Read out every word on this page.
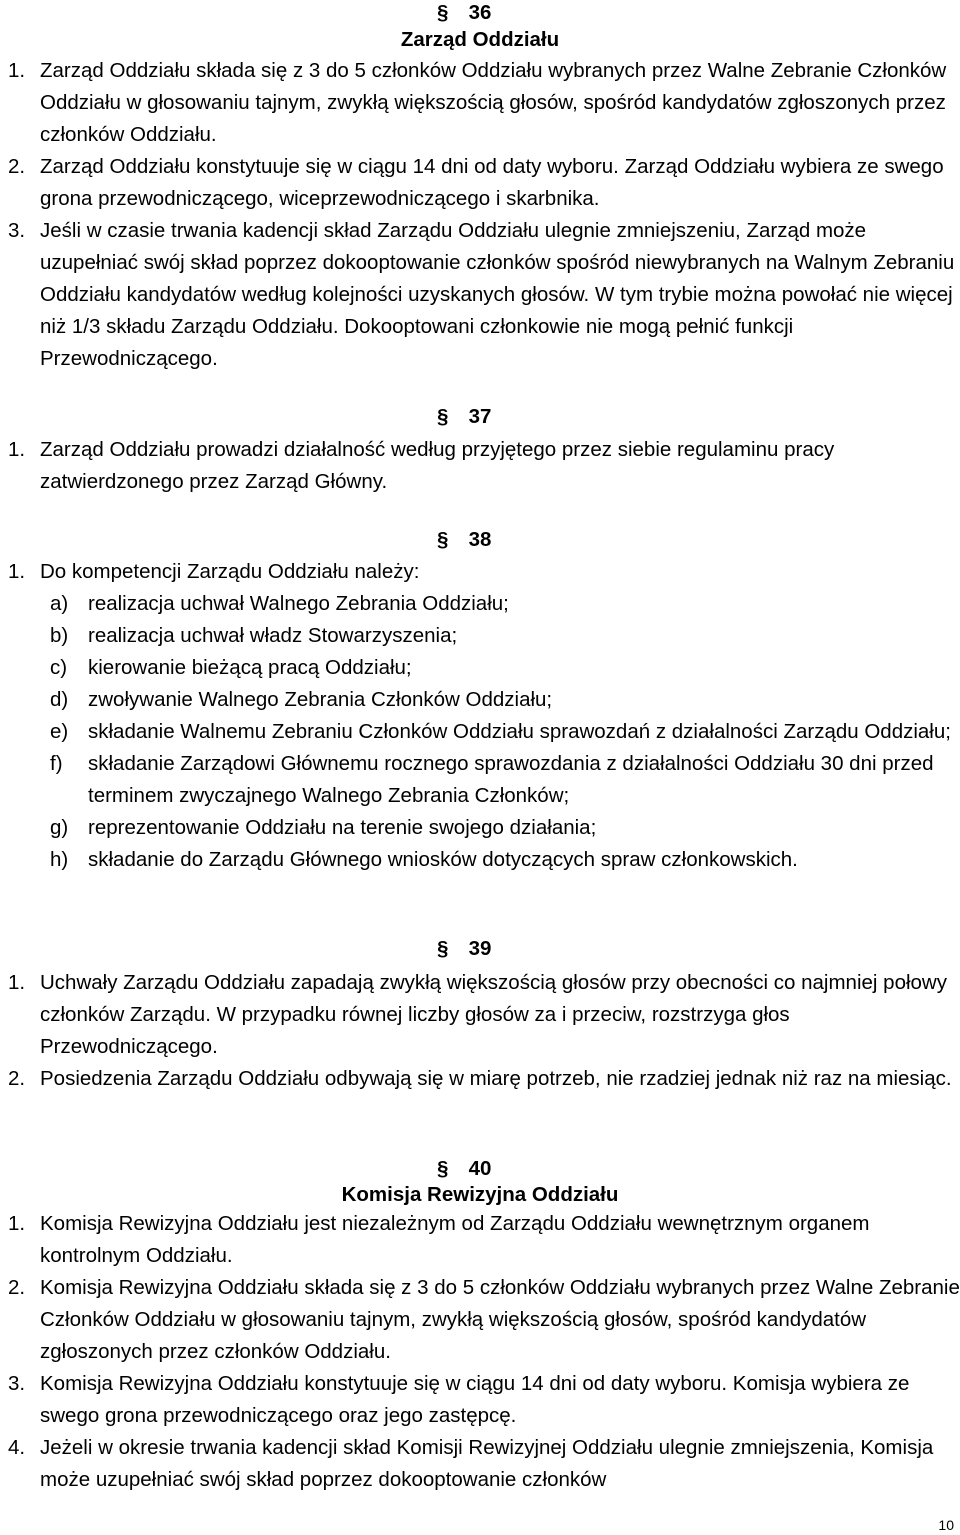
§ 36
Zarząd Oddziału
1. Zarząd Oddziału składa się z 3 do 5 członków Oddziału wybranych przez Walne Zebranie Członków Oddziału w głosowaniu tajnym, zwykłą większością głosów, spośród kandydatów zgłoszonych przez członków Oddziału.
2. Zarząd Oddziału konstytuuje się w ciągu 14 dni od daty wyboru. Zarząd Oddziału wybiera ze swego grona przewodniczącego, wiceprzewodniczącego i skarbnika.
3. Jeśli w czasie trwania kadencji skład Zarządu Oddziału ulegnie zmniejszeniu, Zarząd może uzupełniać swój skład poprzez dokooptowanie członków spośród niewybranych na Walnym Zebraniu Oddziału kandydatów według kolejności uzyskanych głosów. W tym trybie można powołać nie więcej niż 1/3 składu Zarządu Oddziału. Dokooptowani członkowie nie mogą pełnić funkcji Przewodniczącego.
§ 37
1. Zarząd Oddziału prowadzi działalność według przyjętego przez siebie regulaminu pracy zatwierdzonego przez Zarząd Główny.
§ 38
1. Do kompetencji Zarządu Oddziału należy:
a) realizacja uchwał Walnego Zebrania Oddziału;
b) realizacja uchwał władz Stowarzyszenia;
c) kierowanie bieżącą pracą Oddziału;
d) zwoływanie Walnego Zebrania Członków Oddziału;
e) składanie Walnemu Zebraniu Członków Oddziału sprawozdań z działalności Zarządu Oddziału;
f) składanie Zarządowi Głównemu rocznego sprawozdania z działalności Oddziału 30 dni przed terminem zwyczajnego Walnego Zebrania Członków;
g) reprezentowanie Oddziału na terenie swojego działania;
h) składanie do Zarządu Głównego wniosków dotyczących spraw członkowskich.
§ 39
1. Uchwały Zarządu Oddziału zapadają zwykłą większością głosów przy obecności co najmniej połowy członków Zarządu. W przypadku równej liczby głosów za i przeciw, rozstrzyga głos Przewodniczącego.
2. Posiedzenia Zarządu Oddziału odbywają się w miarę potrzeb, nie rzadziej jednak niż raz na miesiąc.
§ 40
Komisja Rewizyjna Oddziału
1. Komisja Rewizyjna Oddziału jest niezależnym od Zarządu Oddziału wewnętrznym organem kontrolnym Oddziału.
2. Komisja Rewizyjna Oddziału składa się z 3 do 5 członków Oddziału wybranych przez Walne Zebranie Członków Oddziału w głosowaniu tajnym, zwykłą większością głosów, spośród kandydatów zgłoszonych przez członków Oddziału.
3. Komisja Rewizyjna Oddziału konstytuuje się w ciągu 14 dni od daty wyboru. Komisja wybiera ze swego grona przewodniczącego oraz jego zastępcę.
4. Jeżeli w okresie trwania kadencji skład Komisji Rewizyjnej Oddziału ulegnie zmniejszenia, Komisja może uzupełniać swój skład poprzez dokooptowanie członków
10
